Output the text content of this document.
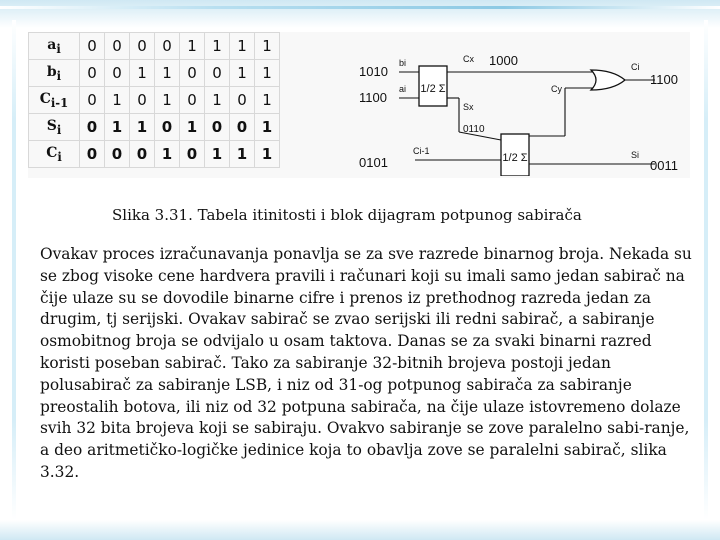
$a_i$	0	0	0	0	1	1	1	1
$b_i$	0	0	1	1	0	0	1	1
$C_{i-1}$	0	1	0	1	0	1	0	1
$S_i$	0	1	1	0	1	0	0	1
$C_i$	0	0	0	1	0	1	1	1
1/2 Σ
1/2 Σ
1010
1100
0101
1000
1100
0110
0011
bi
ai
Cx
Cy
Ci
Sx
Ci-1	Si
Slika 3.31. Tabela itinitosti i blok dijagram potpunog sabirača

Ovakav proces izračunavanja ponavlja se za sve razrede binarnog broja. Nekada su se zbog visoke cene hardvera pravili i računari koji su imali samo jedan sabirač na čije ulaze su se dovodile binarne cifre i prenos iz prethodnog razreda jedan za drugim, tj serijski. Ovakav sabirač se zvao serijski ili redni sabirač, a sabiranje osmobitnog broja se odvijalo u osam taktova. Danas se za svaki binarni razred koristi poseban sabirač. Tako za sabiranje 32-bitnih brojeva postoji jedan polusabirač za sabiranje LSB, i niz od 31-og potpunog sabirača za sabiranje preostalih botova, ili niz od 32 potpuna sabirača, na čije ulaze istovremeno dolaze svih 32 bita brojeva koji se sabiraju. Ovakvo sabiranje se zove paralelno sabi-ranje, a deo aritmetičko-logičke jedinice koja to obavlja zove se paralelni sabirač, slika 3.32.
